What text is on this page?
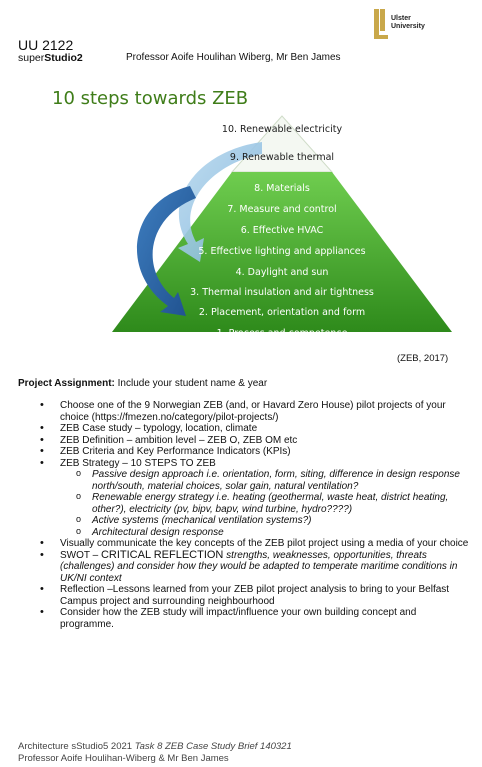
UU 2122
superStudio2	Professor Aoife Houlihan Wiberg, Mr Ben James
Ulster
University
10 steps towards ZEB
10. Renewable electricity
9. Renewable thermal
8. Materials
7. Measure and control
6. Effective HVAC
5. Effective lighting and appliances
4. Daylight and sun
3. Thermal insulation and air tightness
2. Placement, orientation and form
1. Process and competence
(ZEB, 2017)
Project Assignment: Include your student name & year

• Choose one of the 9 Norwegian ZEB (and, or Havard Zero House) pilot projects of your choice (https://fmezen.no/category/pilot-projects/)

• ZEB Case study – typology, location, climate

• ZEB Definition – ambition level – ZEB O, ZEB OM etc

• ZEB Criteria and Key Performance Indicators (KPIs)

• ZEB Strategy – 10 STEPS TO ZEB

o Passive design approach i.e. orientation, form, siting, difference in design response north/south, material choices, solar gain, natural ventilation?

o Renewable energy strategy i.e. heating (geothermal, waste heat, district heating, other?), electricity (pv, bipv, bapv, wind turbine, hydro????)

o Active systems (mechanical ventilation systems?)

o Architectural design response

• Visually communicate the key concepts of the ZEB pilot project using a media of your choice

• SWOT – CRITICAL REFLECTION strengths, weaknesses, opportunities, threats (challenges) and consider how they would be adapted to temperate maritime conditions in UK/NI context

• Reflection –Lessons learned from your ZEB pilot project analysis to bring to your Belfast Campus project and surrounding neighbourhood

• Consider how the ZEB study will impact/influence your own building concept and programme.

Architecture sStudio5 2021 Task 8 ZEB Case Study Brief 140321
Professor Aoife Houlihan-Wiberg & Mr Ben James
